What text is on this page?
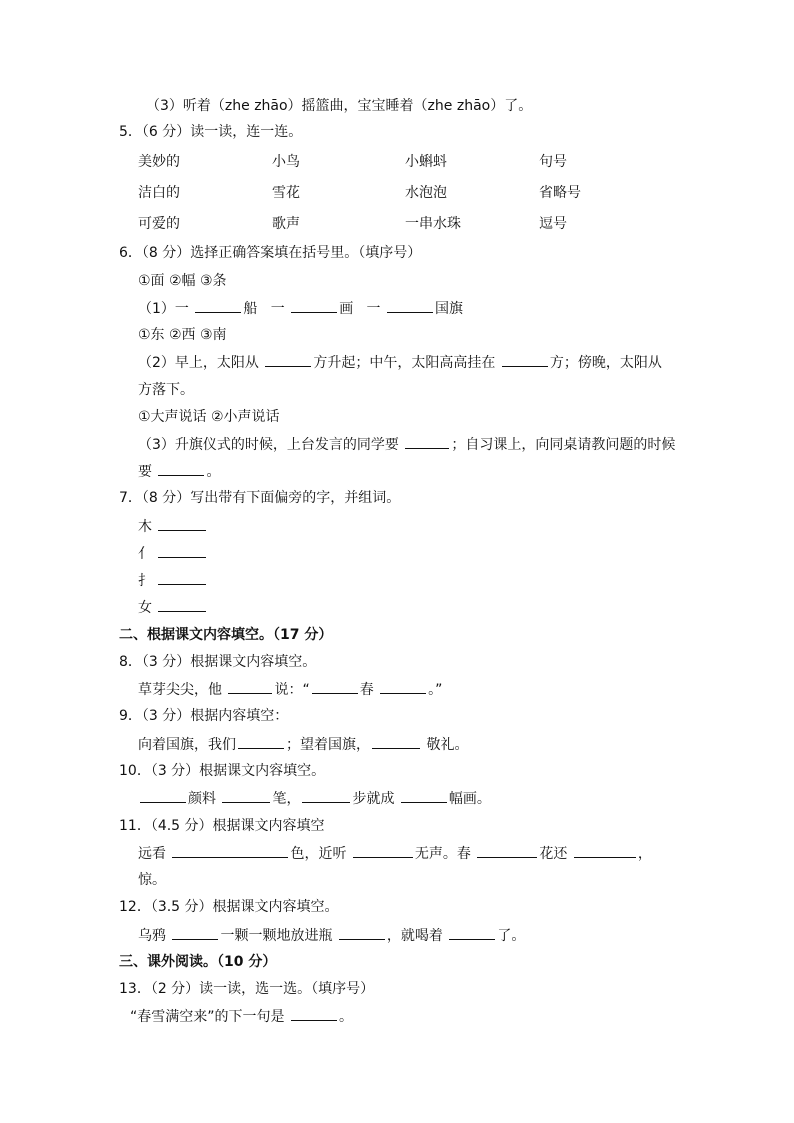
（3）听着（zhe zhāo）摇篮曲，宝宝睡着（zhe zhāo）了。
5．（6 分）读一读，连一连。
美妙的	小鸟	小蝌蚪	句号
洁白的	雪花	水泡泡	省略号
可爱的	歌声	一串水珠	逗号
6．（8 分）选择正确答案填在括号里。（填序号）
①面 ②幅 ③条
（1）一	船 一	画 一	国旗
①东 ②西 ③南
（2）早上，太阳从	方升起；中午，太阳高高挂在	方；傍晚，太阳从
方落下。
①大声说话 ②小声说话
（3）升旗仪式的时候，上台发言的同学要	；自习课上，向同桌请教问题的时候
要	。
7．（8 分）写出带有下面偏旁的字，并组词。
木
亻
扌
女
二、根据课文内容填空。（17 分）
8．（3 分）根据课文内容填空。
草芽尖尖，他	说：“	春	。”
9．（3 分）根据内容填空：
向着国旗，我们	；望着国旗，	敬礼。
10．（3 分）根据课文内容填空。
颜料	笔，	步就成	幅画。
11．（4.5 分）根据课文内容填空
远看	色，近听	无声。春	花还	，
惊。
12．（3.5 分）根据课文内容填空。
乌鸦	一颗一颗地放进瓶	，就喝着	了。
三、课外阅读。（10 分）
13．（2 分）读一读，选一选。（填序号）
“春雪满空来”的下一句是	。
